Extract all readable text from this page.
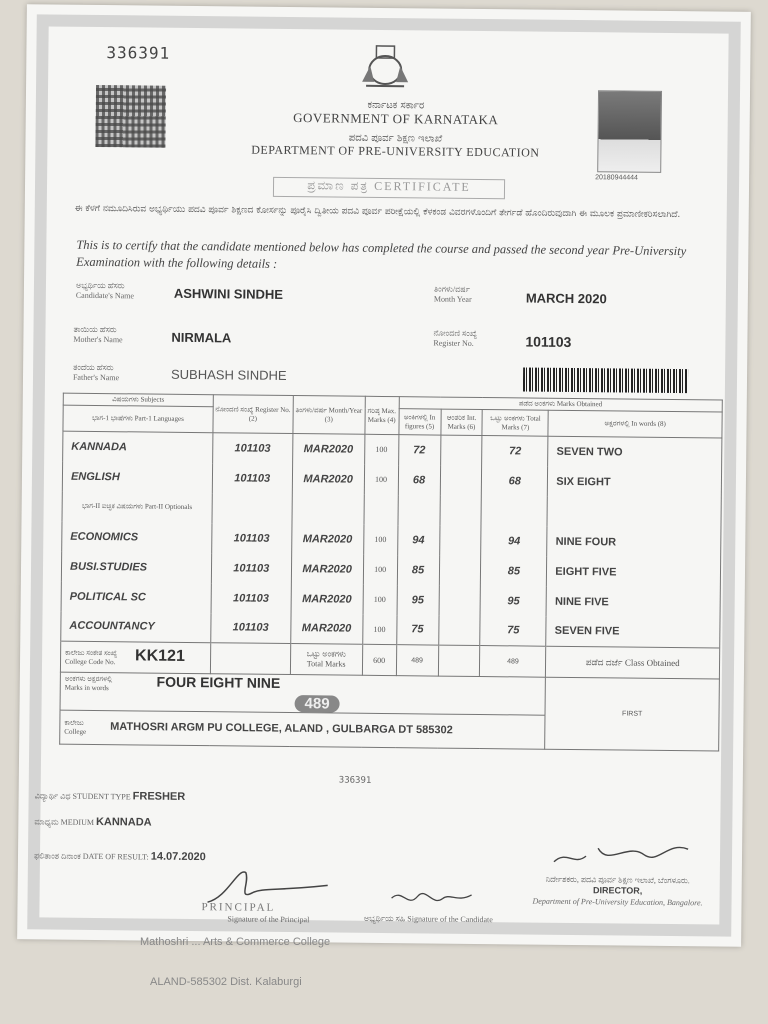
336391
ಕರ್ನಾಟಕ ಸರ್ಕಾರ
GOVERNMENT OF KARNATAKA
ಪದವಿ ಪೂರ್ವ ಶಿಕ್ಷಣ ಇಲಾಖೆ
DEPARTMENT OF PRE-UNIVERSITY EDUCATION
20180944444
ಪ್ರಮಾಣ ಪತ್ರ CERTIFICATE
ಈ ಕೆಳಗೆ ನಮೂದಿಸಿರುವ ಅಭ್ಯರ್ಥಿಯು ಪದವಿ ಪೂರ್ವ ಶಿಕ್ಷಣದ ಕೋರ್ಸನ್ನು ಪೂರೈಸಿ ದ್ವಿತೀಯ ಪದವಿ ಪೂರ್ವ ಪರೀಕ್ಷೆಯಲ್ಲಿ ಕೆಳಕಂಡ ವಿವರಗಳೊಂದಿಗೆ ತೇರ್ಗಡೆ ಹೊಂದಿರುವುದಾಗಿ ಈ ಮೂಲಕ ಪ್ರಮಾಣೀಕರಿಸಲಾಗಿದೆ.
This is to certify that the candidate mentioned below has completed the course and passed the second year Pre-University Examination with the following details :
ಅಭ್ಯರ್ಥಿಯ ಹೆಸರು
Candidate's Name	ASHWINI SINDHE	ತಿಂಗಳು/ವರ್ಷ
Month Year	MARCH 2020
ತಾಯಿಯ ಹೆಸರು
Mother's Name	NIRMALA	ನೋಂದಣಿ ಸಂಖ್ಯೆ
Register No.	101103
ತಂದೆಯ ಹೆಸರು
Father's Name	SUBHASH SINDHE
ವಿಷಯಗಳು Subjects	ನೋಂದಣಿ ಸಂಖ್ಯೆ Register No. (2)	ತಿಂಗಳು/ವರ್ಷ Month/Year (3)	ಗರಿಷ್ಠ Max. Marks (4)	ಪಡೆದ ಅಂಕಗಳು Marks Obtained			
ಭಾಗ-1 ಭಾಷೆಗಳು Part-1 Languages				ಅಂಕಿಗಳಲ್ಲಿ In figures (5)	ಆಂತರಿಕ Int. Marks (6)	ಒಟ್ಟು ಅಂಕಗಳು Total Marks (7)	ಅಕ್ಷರಗಳಲ್ಲಿ In words (8)
KANNADA	101103	MAR2020	100	72		72	SEVEN TWO
ENGLISH	101103	MAR2020	100	68		68	SIX EIGHT
ಭಾಗ-II ಐಚ್ಛಿಕ ವಿಷಯಗಳು Part-II Optionals							
ECONOMICS	101103	MAR2020	100	94		94	NINE FOUR
BUSI.STUDIES	101103	MAR2020	100	85		85	EIGHT FIVE
POLITICAL SC	101103	MAR2020	100	95		95	NINE FIVE
ACCOUNTANCY	101103	MAR2020	100	75		75	SEVEN FIVE
ಕಾಲೇಜು ಸಂಕೇತ ಸಂಖ್ಯೆ
College Code No. KK121		ಒಟ್ಟು ಅಂಕಗಳು
Total Marks	600	489		489	ಪಡೆದ ದರ್ಜೆ Class Obtained
ಅಂಕಗಳು ಅಕ್ಷರಗಳಲ್ಲಿ
Marks in words FOUR EIGHT NINE 489							FIRST
ಕಾಲೇಜು
College MATHOSRI ARGM PU COLLEGE, ALAND , GULBARGA DT 585302							
336391
ವಿದ್ಯಾರ್ಥಿ ವಿಧ STUDENT TYPE FRESHER
ಮಾಧ್ಯಮ MEDIUM KANNADA
ಫಲಿತಾಂಶ ದಿನಾಂಕ DATE OF RESULT: 14.07.2020
PRINCIPAL
Signature of the Principal	ಅಭ್ಯರ್ಥಿಯ ಸಹಿ Signature of the Candidate
ನಿರ್ದೇಶಕರು, ಪದವಿ ಪೂರ್ವ ಶಿಕ್ಷಣ ಇಲಾಖೆ, ಬೆಂಗಳೂರು.
DIRECTOR,
Department of Pre-University Education, Bangalore.
Mathoshri ... Arts & Commerce College
ALAND-585302 Dist. Kalaburgi
